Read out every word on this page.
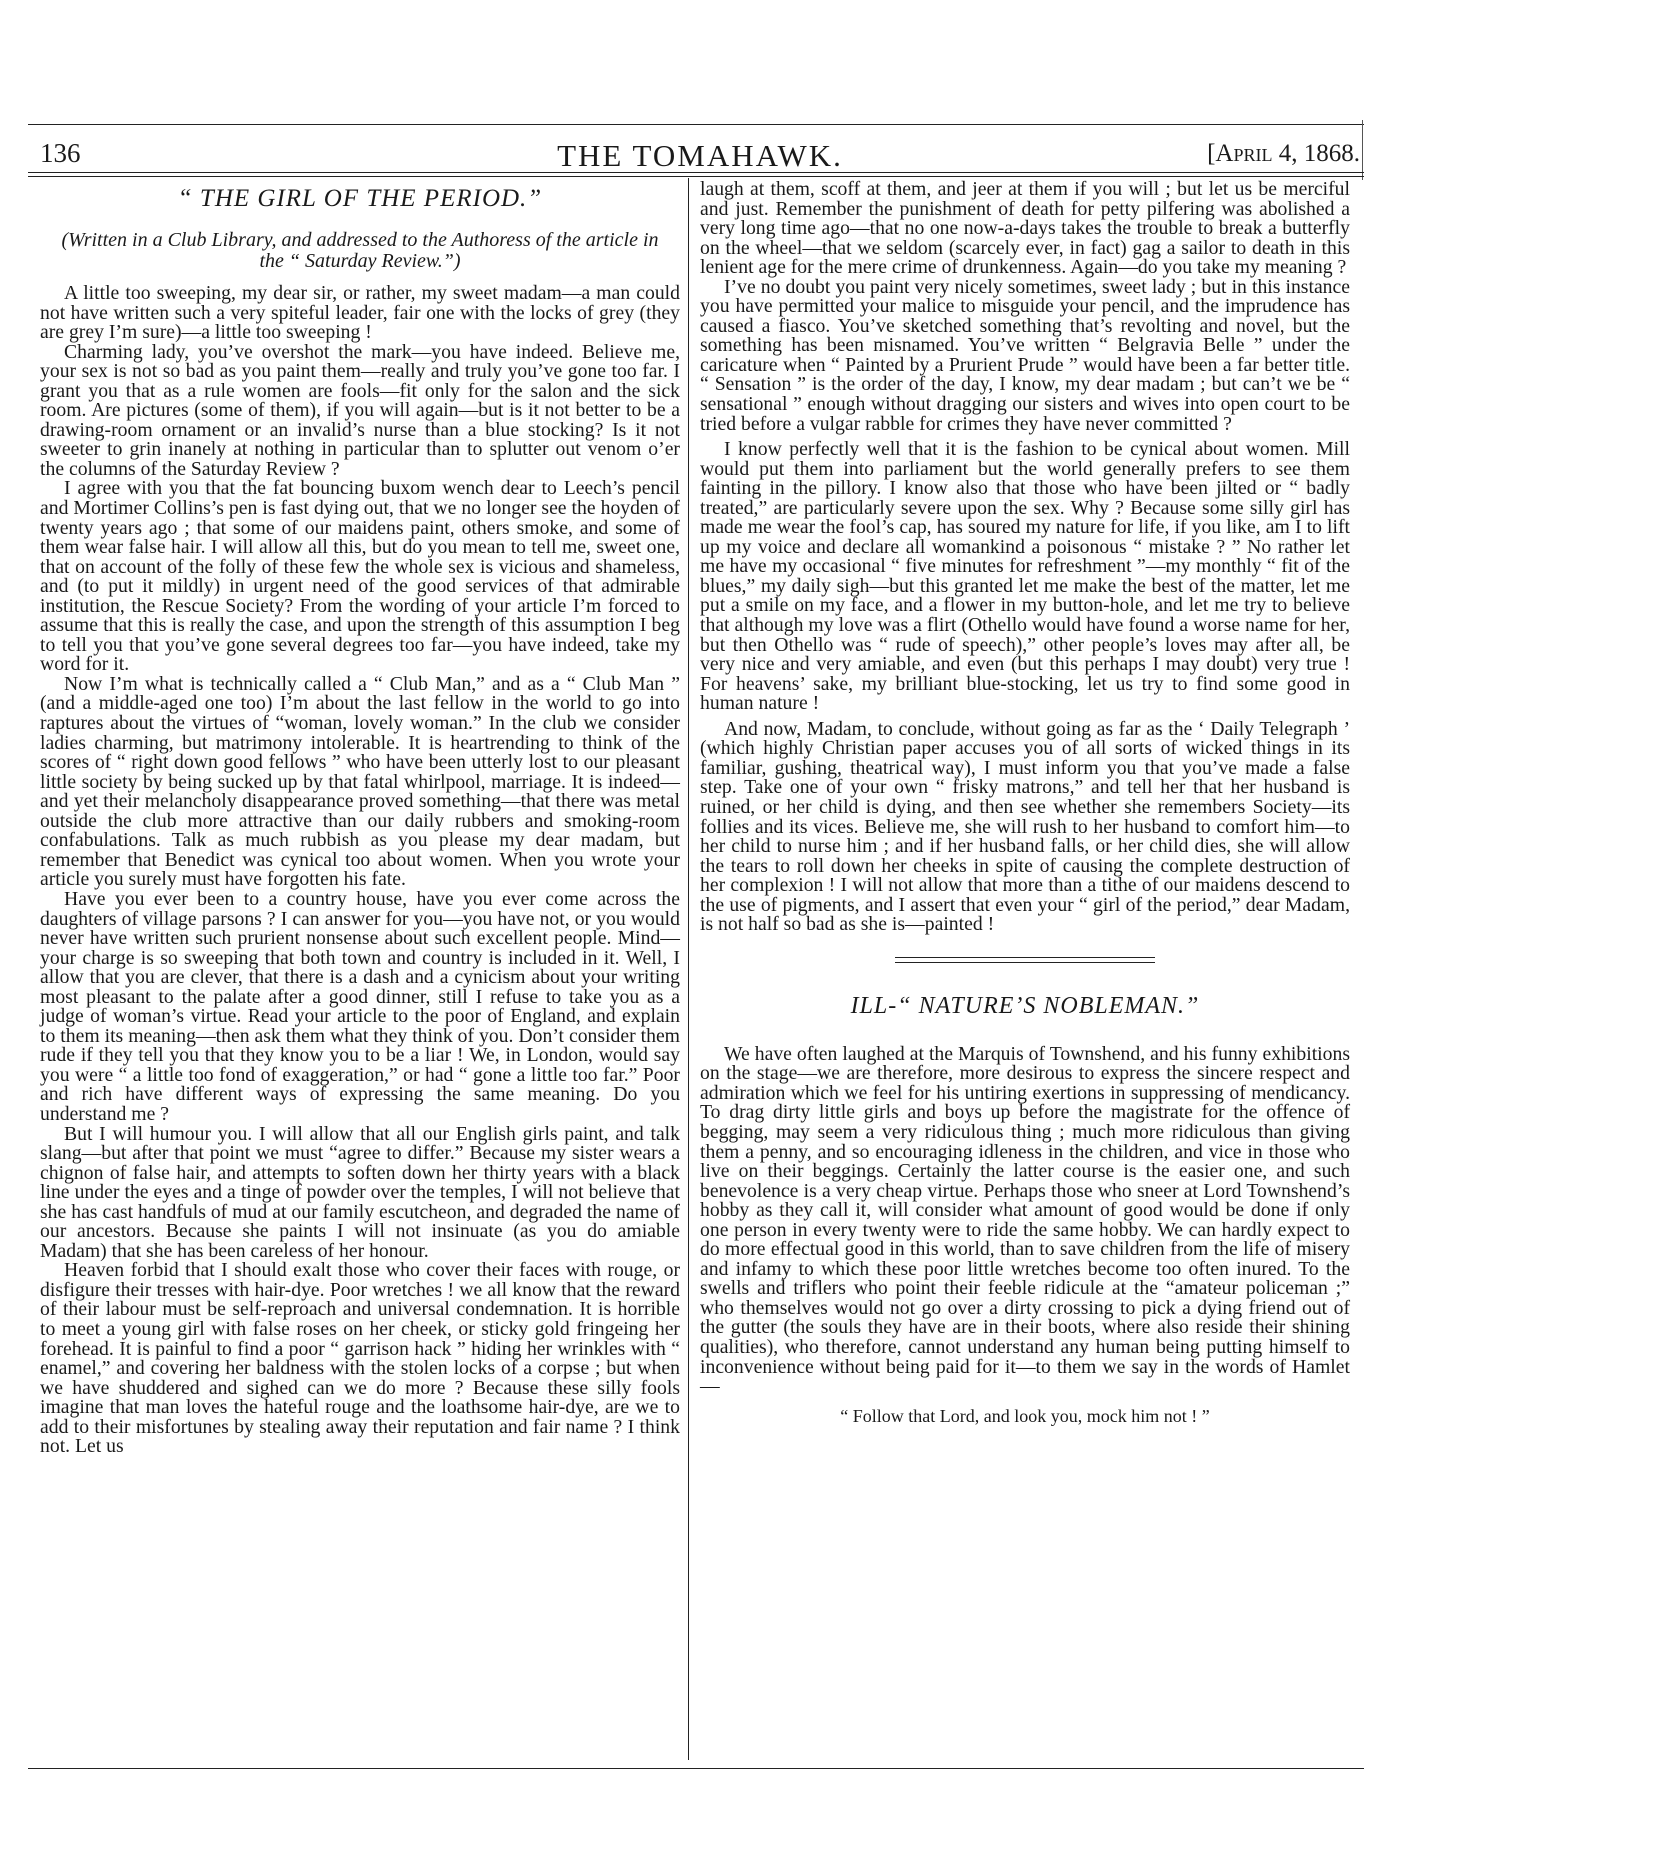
136	THE TOMAHAWK.	[April 4, 1868.
“ THE GIRL OF THE PERIOD.”
(Written in a Club Library, and addressed to the Authoress of the article in the “ Saturday Review.”)

A little too sweeping, my dear sir, or rather, my sweet madam—a man could not have written such a very spiteful leader, fair one with the locks of grey (they are grey I’m sure)—a little too sweeping !

Charming lady, you’ve overshot the mark—you have indeed. Believe me, your sex is not so bad as you paint them—really and truly you’ve gone too far. I grant you that as a rule women are fools—fit only for the salon and the sick room. Are pictures (some of them), if you will again—but is it not better to be a drawing-room ornament or an invalid’s nurse than a blue stocking? Is it not sweeter to grin inanely at nothing in particular than to splutter out venom o’er the columns of the Saturday Review ?

I agree with you that the fat bouncing buxom wench dear to Leech’s pencil and Mortimer Collins’s pen is fast dying out, that we no longer see the hoyden of twenty years ago ; that some of our maidens paint, others smoke, and some of them wear false hair. I will allow all this, but do you mean to tell me, sweet one, that on account of the folly of these few the whole sex is vicious and shameless, and (to put it mildly) in urgent need of the good services of that admirable institution, the Rescue Society? From the wording of your article I’m forced to assume that this is really the case, and upon the strength of this assumption I beg to tell you that you’ve gone several degrees too far—you have indeed, take my word for it.

Now I’m what is technically called a “ Club Man,” and as a “ Club Man ” (and a middle-aged one too) I’m about the last fellow in the world to go into raptures about the virtues of “woman, lovely woman.” In the club we consider ladies charming, but matrimony intolerable. It is heartrending to think of the scores of “ right down good fellows ” who have been utterly lost to our pleasant little society by being sucked up by that fatal whirlpool, marriage. It is indeed—and yet their melancholy disappearance proved something—that there was metal outside the club more attractive than our daily rubbers and smoking-room confabulations. Talk as much rubbish as you please my dear madam, but remember that Benedict was cynical too about women. When you wrote your article you surely must have forgotten his fate.

Have you ever been to a country house, have you ever come across the daughters of village parsons ? I can answer for you—you have not, or you would never have written such prurient nonsense about such excellent people. Mind—your charge is so sweeping that both town and country is included in it. Well, I allow that you are clever, that there is a dash and a cynicism about your writing most pleasant to the palate after a good dinner, still I refuse to take you as a judge of woman’s virtue. Read your article to the poor of England, and explain to them its meaning—then ask them what they think of you. Don’t consider them rude if they tell you that they know you to be a liar ! We, in London, would say you were “ a little too fond of exaggeration,” or had “ gone a little too far.” Poor and rich have different ways of expressing the same meaning. Do you understand me ?

But I will humour you. I will allow that all our English girls paint, and talk slang—but after that point we must “agree to differ.” Because my sister wears a chignon of false hair, and attempts to soften down her thirty years with a black line under the eyes and a tinge of powder over the temples, I will not believe that she has cast handfuls of mud at our family escutcheon, and degraded the name of our ancestors. Because she paints I will not insinuate (as you do amiable Madam) that she has been careless of her honour.

Heaven forbid that I should exalt those who cover their faces with rouge, or disfigure their tresses with hair-dye. Poor wretches ! we all know that the reward of their labour must be self-reproach and universal condemnation. It is horrible to meet a young girl with false roses on her cheek, or sticky gold fringeing her forehead. It is painful to find a poor “ garrison hack ” hiding her wrinkles with “ enamel,” and covering her baldness with the stolen locks of a corpse ; but when we have shuddered and sighed can we do more ? Because these silly fools imagine that man loves the hateful rouge and the loathsome hair-dye, are we to add to their misfortunes by stealing away their reputation and fair name ? I think not. Let us

laugh at them, scoff at them, and jeer at them if you will ; but let us be merciful and just. Remember the punishment of death for petty pilfering was abolished a very long time ago—that no one now-a-days takes the trouble to break a butterfly on the wheel—that we seldom (scarcely ever, in fact) gag a sailor to death in this lenient age for the mere crime of drunkenness. Again—do you take my meaning ?

I’ve no doubt you paint very nicely sometimes, sweet lady ; but in this instance you have permitted your malice to misguide your pencil, and the imprudence has caused a fiasco. You’ve sketched something that’s revolting and novel, but the something has been misnamed. You’ve written “ Belgravia Belle ” under the caricature when “ Painted by a Prurient Prude ” would have been a far better title. “ Sensation ” is the order of the day, I know, my dear madam ; but can’t we be “ sensational ” enough without dragging our sisters and wives into open court to be tried before a vulgar rabble for crimes they have never committed ?

I know perfectly well that it is the fashion to be cynical about women. Mill would put them into parliament but the world generally prefers to see them fainting in the pillory. I know also that those who have been jilted or “ badly treated,” are particularly severe upon the sex. Why ? Because some silly girl has made me wear the fool’s cap, has soured my nature for life, if you like, am I to lift up my voice and declare all womankind a poisonous “ mistake ? ” No rather let me have my occasional “ five minutes for refreshment ”—my monthly “ fit of the blues,” my daily sigh—but this granted let me make the best of the matter, let me put a smile on my face, and a flower in my button-hole, and let me try to believe that although my love was a flirt (Othello would have found a worse name for her, but then Othello was “ rude of speech),” other people’s loves may after all, be very nice and very amiable, and even (but this perhaps I may doubt) very true ! For heavens’ sake, my brilliant blue-stocking, let us try to find some good in human nature !

And now, Madam, to conclude, without going as far as the ‘ Daily Telegraph ’ (which highly Christian paper accuses you of all sorts of wicked things in its familiar, gushing, theatrical way), I must inform you that you’ve made a false step. Take one of your own “ frisky matrons,” and tell her that her husband is ruined, or her child is dying, and then see whether she remembers Society—its follies and its vices. Believe me, she will rush to her husband to comfort him—to her child to nurse him ; and if her husband falls, or her child dies, she will allow the tears to roll down her cheeks in spite of causing the complete destruction of her complexion ! I will not allow that more than a tithe of our maidens descend to the use of pigments, and I assert that even your “ girl of the period,” dear Madam, is not half so bad as she is—painted !

ILL-“ NATURE’S NOBLEMAN.”

We have often laughed at the Marquis of Townshend, and his funny exhibitions on the stage—we are therefore, more desirous to express the sincere respect and admiration which we feel for his untiring exertions in suppressing of mendicancy. To drag dirty little girls and boys up before the magistrate for the offence of begging, may seem a very ridiculous thing ; much more ridiculous than giving them a penny, and so encouraging idleness in the children, and vice in those who live on their beggings. Certainly the latter course is the easier one, and such benevolence is a very cheap virtue. Perhaps those who sneer at Lord Townshend’s hobby as they call it, will consider what amount of good would be done if only one person in every twenty were to ride the same hobby. We can hardly expect to do more effectual good in this world, than to save children from the life of misery and infamy to which these poor little wretches become too often inured. To the swells and triflers who point their feeble ridicule at the “amateur policeman ;” who themselves would not go over a dirty crossing to pick a dying friend out of the gutter (the souls they have are in their boots, where also reside their shining qualities), who therefore, cannot understand any human being putting himself to inconvenience without being paid for it—to them we say in the words of Hamlet—

“ Follow that Lord, and look you, mock him not ! ”
